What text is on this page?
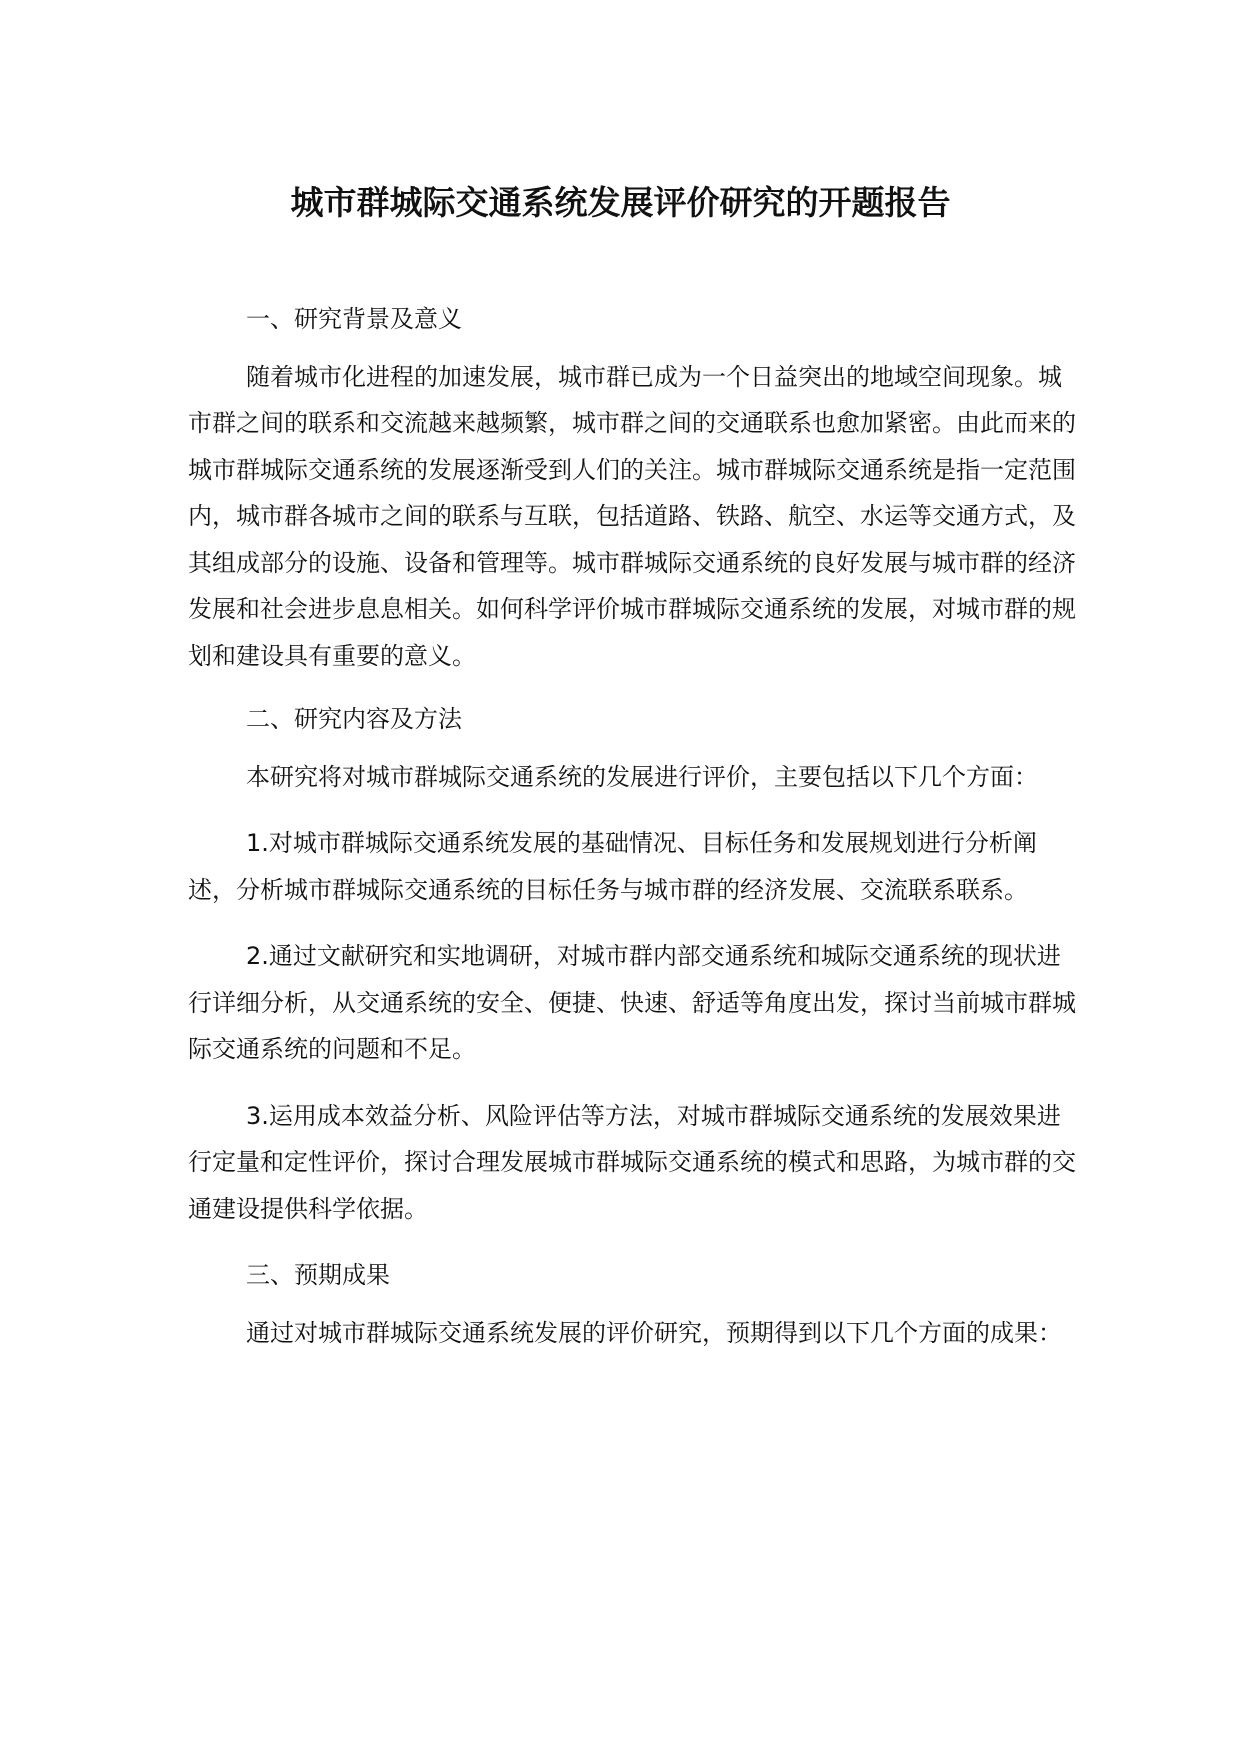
城市群城际交通系统发展评价研究的开题报告

一、研究背景及意义

随着城市化进程的加速发展，城市群已成为一个日益突出的地域空间现象。城市群之间的联系和交流越来越频繁，城市群之间的交通联系也愈加紧密。由此而来的城市群城际交通系统的发展逐渐受到人们的关注。城市群城际交通系统是指一定范围内，城市群各城市之间的联系与互联，包括道路、铁路、航空、水运等交通方式，及其组成部分的设施、设备和管理等。城市群城际交通系统的良好发展与城市群的经济发展和社会进步息息相关。如何科学评价城市群城际交通系统的发展，对城市群的规划和建设具有重要的意义。

二、研究内容及方法

本研究将对城市群城际交通系统的发展进行评价，主要包括以下几个方面：

1.对城市群城际交通系统发展的基础情况、目标任务和发展规划进行分析阐述，分析城市群城际交通系统的目标任务与城市群的经济发展、交流联系联系。

2.通过文献研究和实地调研，对城市群内部交通系统和城际交通系统的现状进行详细分析，从交通系统的安全、便捷、快速、舒适等角度出发，探讨当前城市群城际交通系统的问题和不足。

3.运用成本效益分析、风险评估等方法，对城市群城际交通系统的发展效果进行定量和定性评价，探讨合理发展城市群城际交通系统的模式和思路，为城市群的交通建设提供科学依据。

三、预期成果

通过对城市群城际交通系统发展的评价研究，预期得到以下几个方面的成果：
